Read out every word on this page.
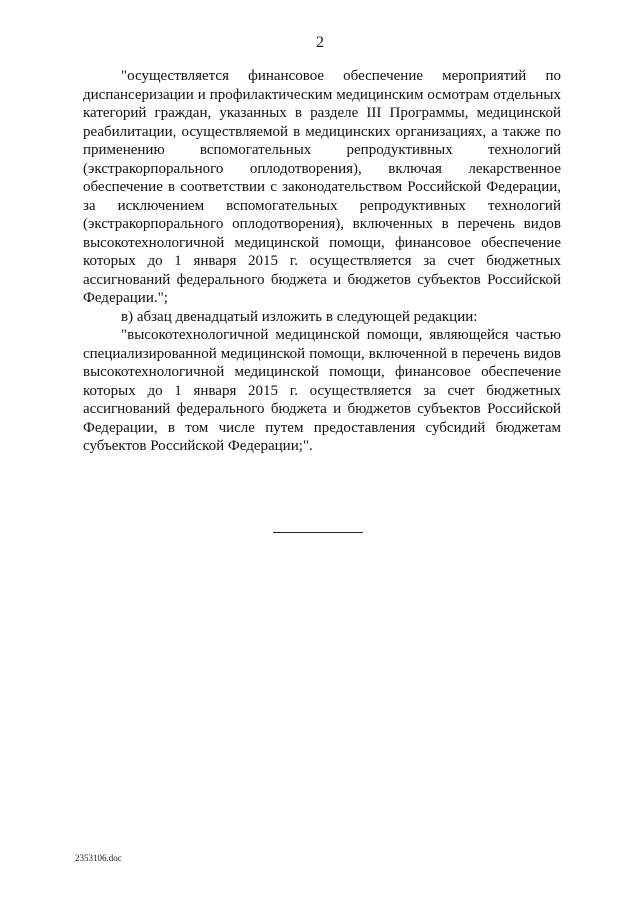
2

"осуществляется финансовое обеспечение мероприятий по диспансеризации и профилактическим медицинским осмотрам отдельных категорий граждан, указанных в разделе III Программы, медицинской реабилитации, осуществляемой в медицинских организациях, а также по применению вспомогательных репродуктивных технологий (экстракорпорального оплодотворения), включая лекарственное обеспечение в соответствии с законодательством Российской Федерации, за исключением вспомогательных репродуктивных технологий (экстракорпорального оплодотворения), включенных в перечень видов высокотехнологичной медицинской помощи, финансовое обеспечение которых до 1 января 2015 г. осуществляется за счет бюджетных ассигнований федерального бюджета и бюджетов субъектов Российской Федерации.";

в) абзац двенадцатый изложить в следующей редакции:

"высокотехнологичной медицинской помощи, являющейся частью специализированной медицинской помощи, включенной в перечень видов высокотехнологичной медицинской помощи, финансовое обеспечение которых до 1 января 2015 г. осуществляется за счет бюджетных ассигнований федерального бюджета и бюджетов субъектов Российской Федерации, в том числе путем предоставления субсидий бюджетам субъектов Российской Федерации;".

2353106.doc
